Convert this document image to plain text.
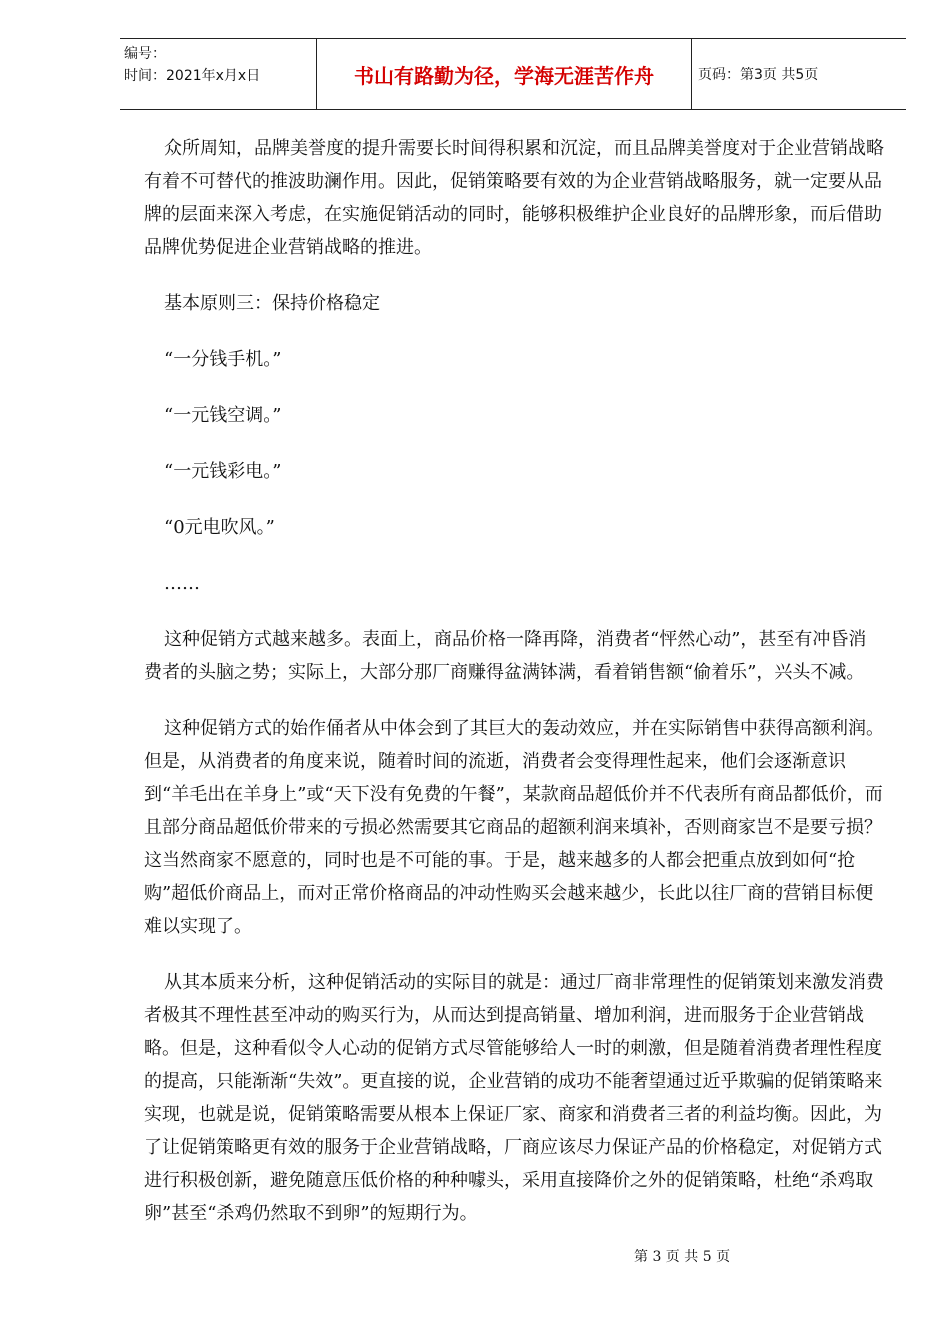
编号：
时间：2021年x月x日	书山有路勤为径，学海无涯苦作舟	页码：第3页 共5页

众所周知，品牌美誉度的提升需要长时间得积累和沉淀，而且品牌美誉度对于企业营销战略有着不可替代的推波助澜作用。因此，促销策略要有效的为企业营销战略服务，就一定要从品牌的层面来深入考虑，在实施促销活动的同时，能够积极维护企业良好的品牌形象，而后借助品牌优势促进企业营销战略的推进。

基本原则三：保持价格稳定

“一分钱手机。”

“一元钱空调。”

“一元钱彩电。”

“0元电吹风。”

……

这种促销方式越来越多。表面上，商品价格一降再降，消费者“怦然心动”，甚至有冲昏消费者的头脑之势；实际上，大部分那厂商赚得盆满钵满，看着销售额“偷着乐”，兴头不减。

这种促销方式的始作俑者从中体会到了其巨大的轰动效应，并在实际销售中获得高额利润。但是，从消费者的角度来说，随着时间的流逝，消费者会变得理性起来，他们会逐渐意识到“羊毛出在羊身上”或“天下没有免费的午餐”，某款商品超低价并不代表所有商品都低价，而且部分商品超低价带来的亏损必然需要其它商品的超额利润来填补，否则商家岂不是要亏损？这当然商家不愿意的，同时也是不可能的事。于是，越来越多的人都会把重点放到如何“抢购”超低价商品上，而对正常价格商品的冲动性购买会越来越少，长此以往厂商的营销目标便难以实现了。

从其本质来分析，这种促销活动的实际目的就是：通过厂商非常理性的促销策划来激发消费者极其不理性甚至冲动的购买行为，从而达到提高销量、增加利润，进而服务于企业营销战略。但是，这种看似令人心动的促销方式尽管能够给人一时的刺激，但是随着消费者理性程度的提高，只能渐渐“失效”。更直接的说，企业营销的成功不能奢望通过近乎欺骗的促销策略来实现，也就是说，促销策略需要从根本上保证厂家、商家和消费者三者的利益均衡。因此，为了让促销策略更有效的服务于企业营销战略，厂商应该尽力保证产品的价格稳定，对促销方式进行积极创新，避免随意压低价格的种种噱头，采用直接降价之外的促销策略，杜绝“杀鸡取卵”甚至“杀鸡仍然取不到卵”的短期行为。

第 3 页 共 5 页
